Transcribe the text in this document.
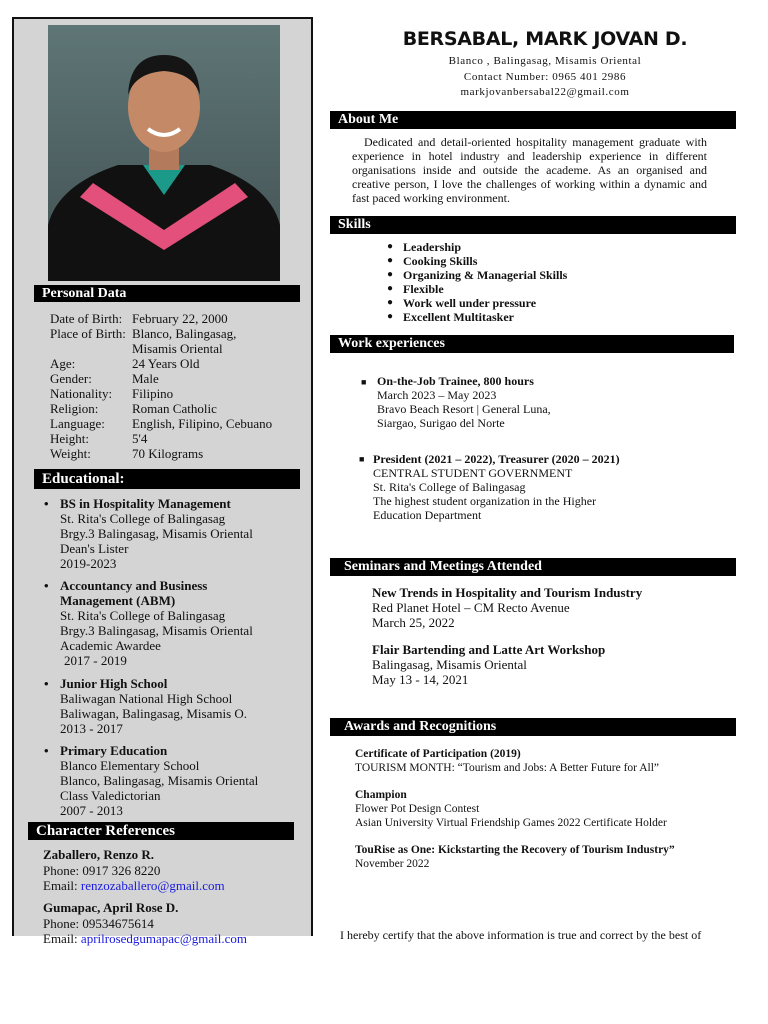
Personal Data
Date of Birth: February 22, 2000
Place of Birth: Blanco, Balingasag,
Misamis Oriental
Age:	24 Years Old
Gender:	Male
Nationality: Filipino
Religion:	Roman Catholic
Language: English, Filipino, Cebuano
Height:	5'4
Weight:	70 Kilograms
Educational:
• BS in Hospitality Management
St. Rita's College of Balingasag
Brgy.3 Balingasag, Misamis Oriental
Dean's Lister
2019-2023
• Accountancy and Business
Management (ABM)
St. Rita's College of Balingasag
Brgy.3 Balingasag, Misamis Oriental
Academic Awardee
2017 - 2019
• Junior High School
Baliwagan National High School
Baliwagan, Balingasag, Misamis O.
2013 - 2017
• Primary Education
Blanco Elementary School
Blanco, Balingasag, Misamis Oriental
Class Valedictorian
2007 - 2013
Character References
Zaballero, Renzo R.
Phone: 0917 326 8220
Email: renzozaballero@gmail.com
Gumapac, April Rose D.
Phone: 09534675614
Email: aprilrosedgumapac@gmail.com
BERSABAL, MARK JOVAN D.
Blanco , Balingasag, Misamis Oriental
Contact Number: 0965 401 2986
markjovanbersabal22@gmail.com
About Me
Dedicated and detail-oriented hospitality management graduate with experience in hotel industry and leadership experience in different organisations inside and outside the academe. As an organised and creative person, I love the challenges of working within a dynamic and fast paced working environment.
Skills
● Leadership
● Cooking Skills
● Organizing & Managerial Skills
● Flexible
● Work well under pressure
● Excellent Multitasker
Work experiences
■ On-the-Job Trainee, 800 hours
March 2023 – May 2023
Bravo Beach Resort | General Luna,
Siargao, Surigao del Norte
■ President (2021 – 2022), Treasurer (2020 – 2021)
CENTRAL STUDENT GOVERNMENT
St. Rita's College of Balingasag
The highest student organization in the Higher
Education Department
Seminars and Meetings Attended
New Trends in Hospitality and Tourism Industry
Red Planet Hotel – CM Recto Avenue
March 25, 2022
Flair Bartending and Latte Art Workshop
Balingasag, Misamis Oriental
May 13 - 14, 2021
Awards and Recognitions
Certificate of Participation (2019)
TOURISM MONTH: “Tourism and Jobs: A Better Future for All”
Champion
Flower Pot Design Contest
Asian University Virtual Friendship Games 2022 Certificate Holder
TouRise as One: Kickstarting the Recovery of Tourism Industry”
November 2022
I hereby certify that the above information is true and correct by the best of
